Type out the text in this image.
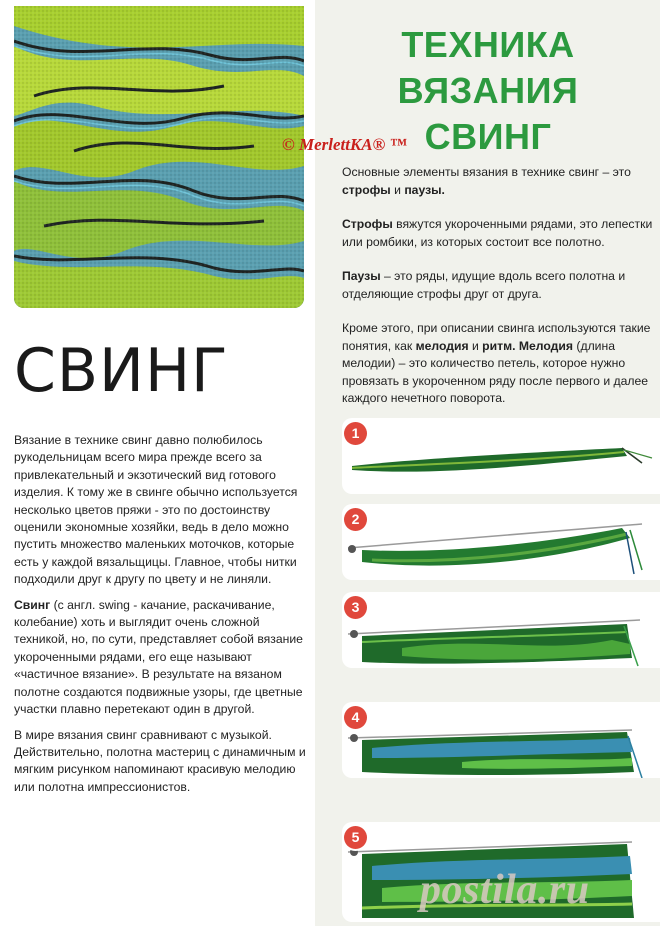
ТЕХНИКА ВЯЗАНИЯ
СВИНГ
© MerlettKA® ™

Основные элементы вязания в технике свинг – это строфы и паузы.

Строфы вяжутся укороченными рядами, это лепестки или ромбики, из которых состоит все полотно.

Паузы – это ряды, идущие вдоль всего полотна и отделяющие строфы друг от друга.

Кроме этого, при описании свинга используются такие понятия, как мелодия и ритм. Мелодия (длина мелодии) – это количество петель, которое нужно провязать в укороченном ряду после первого и далее каждого нечетного поворота.

СВИНГ

Вязание в технике свинг давно полюбилось рукодельницам всего мира прежде всего за привлекательный и экзотический вид готового изделия. К тому же в свинге обычно используется несколько цветов пряжи - это по достоинству оценили экономные хозяйки, ведь в дело можно пустить множество маленьких моточков, которые есть у каждой вязальщицы. Главное, чтобы нитки подходили друг к другу по цвету и не линяли.

Свинг (с англ. swing - качание, раскачивание, колебание) хоть и выглядит очень сложной техникой, но, по сути, представляет собой вязание укороченными рядами, его еще называют «частичное вязание». В результате на вязаном полотне создаются подвижные узоры, где цветные участки плавно перетекают один в другой.

В мире вязания свинг сравнивают с музыкой. Действительно, полотна мастериц с динамичным и мягким рисунком напоминают красивую мелодию или полотна импрессионистов.

1
2
3
4
5
postila.ru
